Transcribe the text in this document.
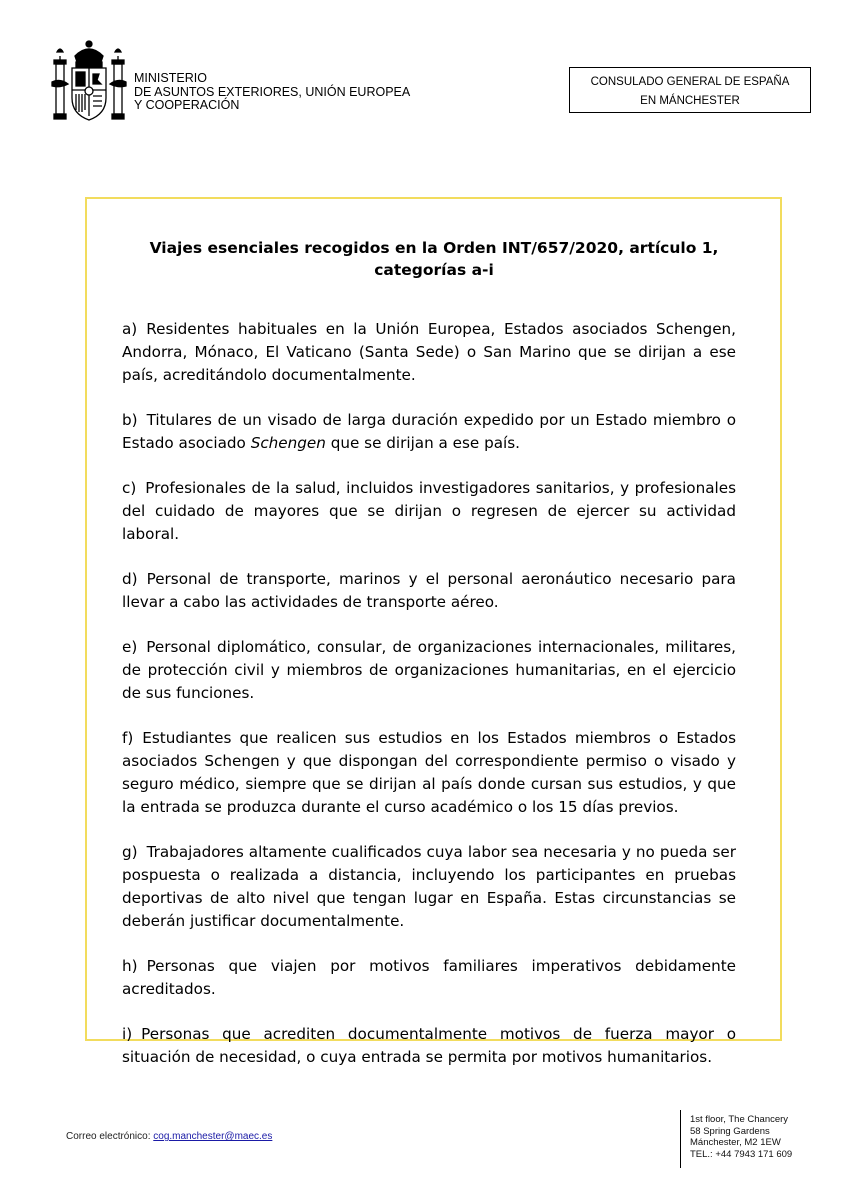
MINISTERIO
DE ASUNTOS EXTERIORES, UNIÓN EUROPEA
Y COOPERACIÓN
CONSULADO GENERAL DE ESPAÑA
EN MÁNCHESTER
Viajes esenciales recogidos en la Orden INT/657/2020, artículo 1,
categorías a-i

a) Residentes habituales en la Unión Europea, Estados asociados Schengen, Andorra, Mónaco, El Vaticano (Santa Sede) o San Marino que se dirijan a ese país, acreditándolo documentalmente.

b) Titulares de un visado de larga duración expedido por un Estado miembro o Estado asociado Schengen que se dirijan a ese país.

c) Profesionales de la salud, incluidos investigadores sanitarios, y profesionales del cuidado de mayores que se dirijan o regresen de ejercer su actividad laboral.

d) Personal de transporte, marinos y el personal aeronáutico necesario para llevar a cabo las actividades de transporte aéreo.

e) Personal diplomático, consular, de organizaciones internacionales, militares, de protección civil y miembros de organizaciones humanitarias, en el ejercicio de sus funciones.

f) Estudiantes que realicen sus estudios en los Estados miembros o Estados asociados Schengen y que dispongan del correspondiente permiso o visado y seguro médico, siempre que se dirijan al país donde cursan sus estudios, y que la entrada se produzca durante el curso académico o los 15 días previos.

g) Trabajadores altamente cualificados cuya labor sea necesaria y no pueda ser pospuesta o realizada a distancia, incluyendo los participantes en pruebas deportivas de alto nivel que tengan lugar en España. Estas circunstancias se deberán justificar documentalmente.

h) Personas que viajen por motivos familiares imperativos debidamente acreditados.

i) Personas que acrediten documentalmente motivos de fuerza mayor o situación de necesidad, o cuya entrada se permita por motivos humanitarios.

Correo electrónico: cog.manchester@maec.es
1st floor, The Chancery
58 Spring Gardens
Mánchester, M2 1EW
TEL.: +44 7943 171 609
